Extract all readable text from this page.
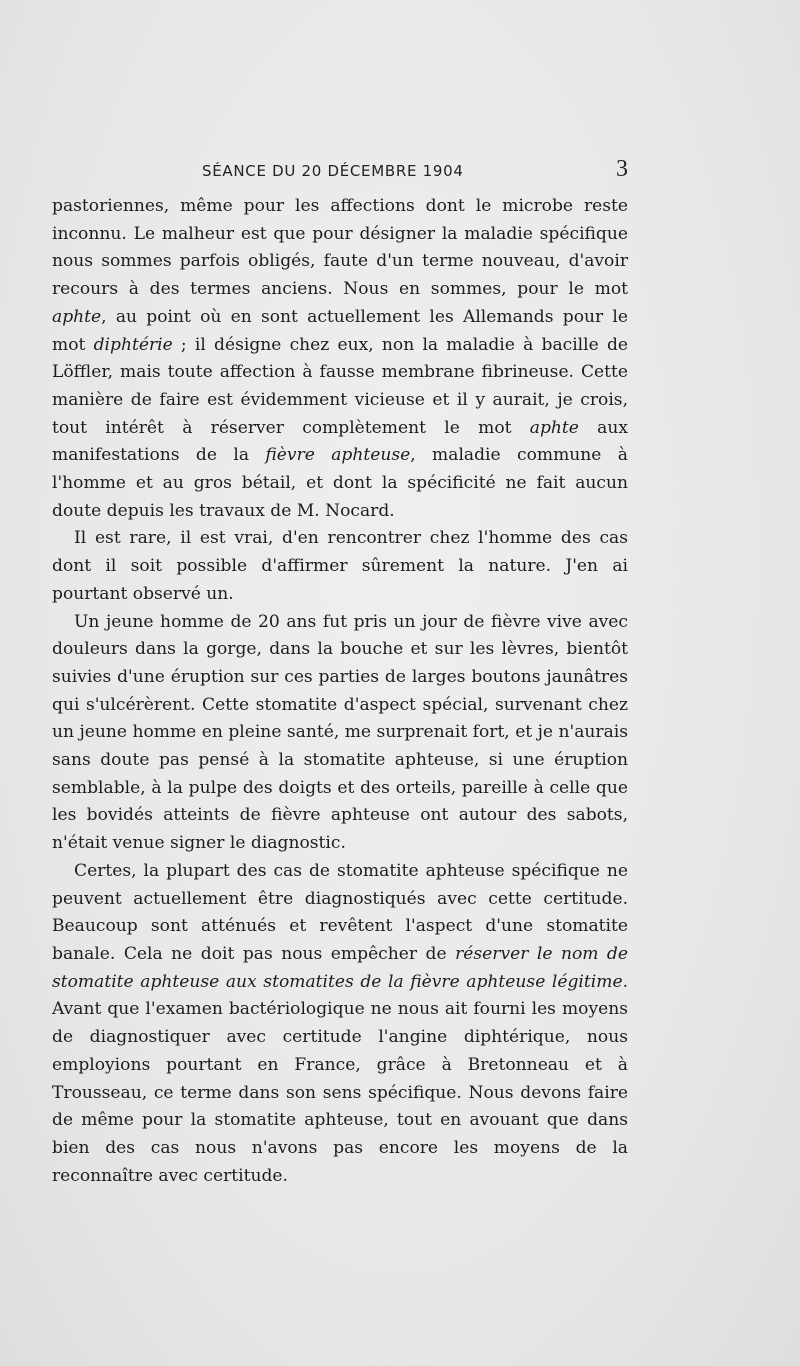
SÉANCE DU 20 DÉCEMBRE 1904	3

pastoriennes, même pour les affections dont le microbe reste inconnu. Le malheur est que pour désigner la maladie spécifique nous sommes parfois obligés, faute d'un terme nouveau, d'avoir recours à des termes anciens. Nous en sommes, pour le mot aphte, au point où en sont actuellement les Allemands pour le mot diphtérie ; il désigne chez eux, non la maladie à bacille de Löffler, mais toute affection à fausse membrane fibrineuse. Cette manière de faire est évidemment vicieuse et il y aurait, je crois, tout intérêt à réserver complètement le mot aphte aux manifestations de la fièvre aphteuse, maladie commune à l'homme et au gros bétail, et dont la spécificité ne fait aucun doute depuis les travaux de M. Nocard.

Il est rare, il est vrai, d'en rencontrer chez l'homme des cas dont il soit possible d'affirmer sûrement la nature. J'en ai pourtant observé un.

Un jeune homme de 20 ans fut pris un jour de fièvre vive avec douleurs dans la gorge, dans la bouche et sur les lèvres, bientôt suivies d'une éruption sur ces parties de larges boutons jaunâtres qui s'ulcérèrent. Cette stomatite d'aspect spécial, survenant chez un jeune homme en pleine santé, me surprenait fort, et je n'aurais sans doute pas pensé à la stomatite aphteuse, si une éruption semblable, à la pulpe des doigts et des orteils, pareille à celle que les bovidés atteints de fièvre aphteuse ont autour des sabots, n'était venue signer le diagnostic.

Certes, la plupart des cas de stomatite aphteuse spécifique ne peuvent actuellement être diagnostiqués avec cette certitude. Beaucoup sont atténués et revêtent l'aspect d'une stomatite banale. Cela ne doit pas nous empêcher de réserver le nom de stomatite aphteuse aux stomatites de la fièvre aphteuse légitime. Avant que l'examen bactériologique ne nous ait fourni les moyens de diagnostiquer avec certitude l'angine diphtérique, nous employions pourtant en France, grâce à Bretonneau et à Trousseau, ce terme dans son sens spécifique. Nous devons faire de même pour la stomatite aphteuse, tout en avouant que dans bien des cas nous n'avons pas encore les moyens de la reconnaître avec certitude.
